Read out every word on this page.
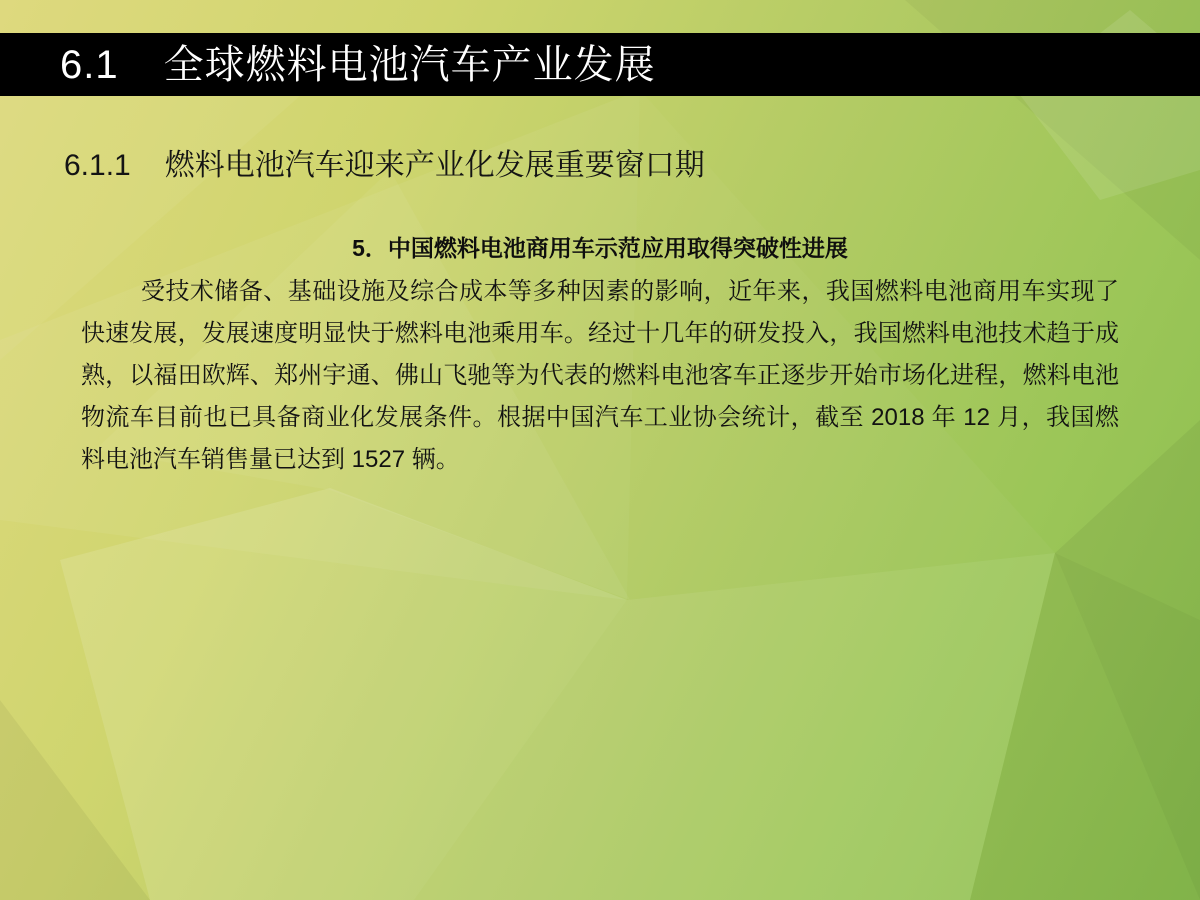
6.1 全球燃料电池汽车产业发展
6.1.1 燃料电池汽车迎来产业化发展重要窗口期
5．中国燃料电池商用车示范应用取得突破性进展
受技术储备、基础设施及综合成本等多种因素的影响，近年来，我国燃料电池商用车实现了快速发展，发展速度明显快于燃料电池乘用车。经过十几年的研发投入，我国燃料电池技术趋于成熟，以福田欧辉、郑州宇通、佛山飞驰等为代表的燃料电池客车正逐步开始市场化进程，燃料电池物流车目前也已具备商业化发展条件。根据中国汽车工业协会统计，截至 2018 年 12 月，我国燃料电池汽车销售量已达到 1527 辆。
